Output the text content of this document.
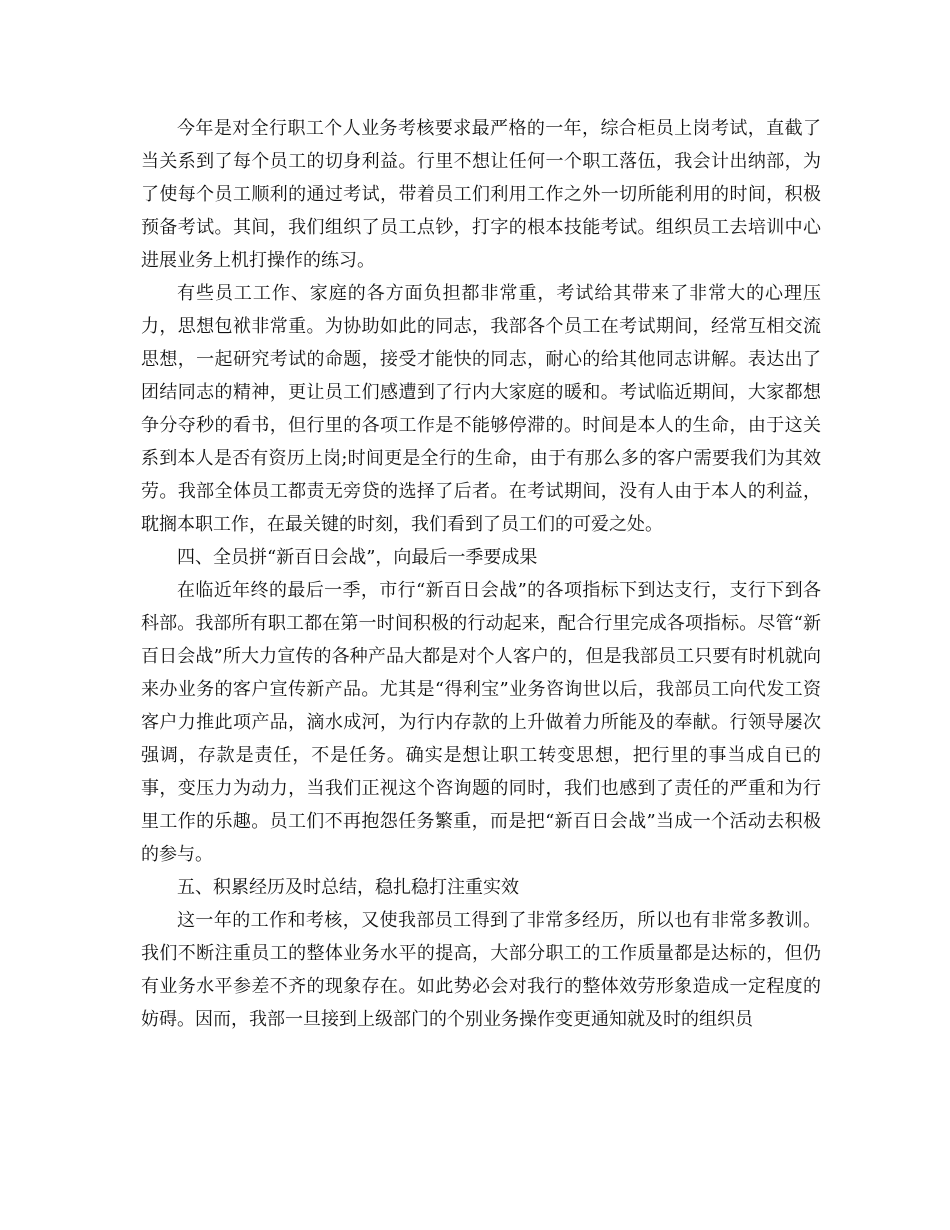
今年是对全行职工个人业务考核要求最严格的一年，综合柜员上岗考试，直截了当关系到了每个员工的切身利益。行里不想让任何一个职工落伍，我会计出纳部，为了使每个员工顺利的通过考试，带着员工们利用工作之外一切所能利用的时间，积极预备考试。其间，我们组织了员工点钞，打字的根本技能考试。组织员工去培训中心进展业务上机打操作的练习。

有些员工工作、家庭的各方面负担都非常重，考试给其带来了非常大的心理压力，思想包袱非常重。为协助如此的同志，我部各个员工在考试期间，经常互相交流思想，一起研究考试的命题，接受才能快的同志，耐心的给其他同志讲解。表达出了团结同志的精神，更让员工们感遭到了行内大家庭的暖和。考试临近期间，大家都想争分夺秒的看书，但行里的各项工作是不能够停滞的。时间是本人的生命，由于这关系到本人是否有资历上岗;时间更是全行的生命，由于有那么多的客户需要我们为其效劳。我部全体员工都责无旁贷的选择了后者。在考试期间，没有人由于本人的利益，耽搁本职工作，在最关键的时刻，我们看到了员工们的可爱之处。

四、全员拼“新百日会战”，向最后一季要成果

在临近年终的最后一季，市行“新百日会战”的各项指标下到达支行，支行下到各科部。我部所有职工都在第一时间积极的行动起来，配合行里完成各项指标。尽管“新百日会战”所大力宣传的各种产品大都是对个人客户的，但是我部员工只要有时机就向来办业务的客户宣传新产品。尤其是“得利宝”业务咨询世以后，我部员工向代发工资客户力推此项产品，滴水成河，为行内存款的上升做着力所能及的奉献。行领导屡次强调，存款是责任，不是任务。确实是想让职工转变思想，把行里的事当成自已的事，变压力为动力，当我们正视这个咨询题的同时，我们也感到了责任的严重和为行里工作的乐趣。员工们不再抱怨任务繁重，而是把“新百日会战”当成一个活动去积极的参与。

五、积累经历及时总结，稳扎稳打注重实效

这一年的工作和考核，又使我部员工得到了非常多经历，所以也有非常多教训。我们不断注重员工的整体业务水平的提高，大部分职工的工作质量都是达标的，但仍有业务水平参差不齐的现象存在。如此势必会对我行的整体效劳形象造成一定程度的妨碍。因而，我部一旦接到上级部门的个别业务操作变更通知就及时的组织员
